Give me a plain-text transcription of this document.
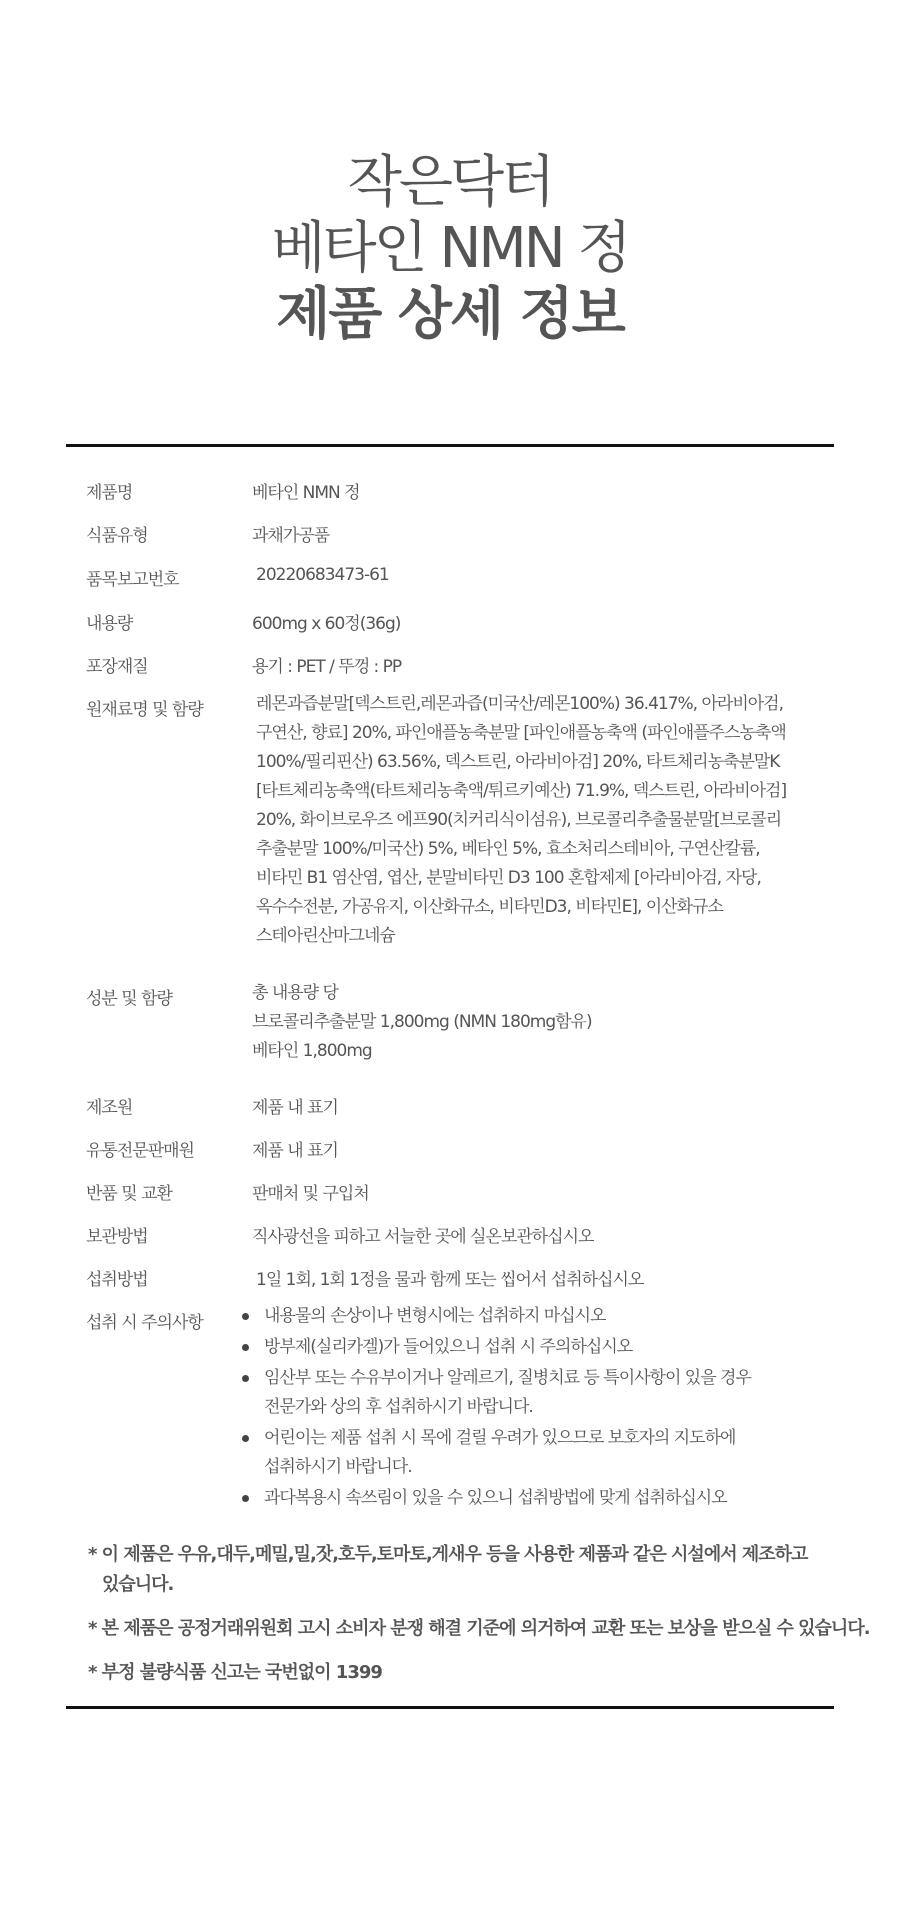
작은닥터
베타인 NMN 정
제품 상세 정보
제품명	베타인 NMN 정
식품유형	과채가공품
품목보고번호	20220683473-61
내용량	600mg x 60정(36g)
포장재질	용기 : PET / 뚜껑 : PP
원재료명 및 함량	레몬과즙분말[덱스트린,레몬과즙(미국산/레몬100%) 36.417%, 아라비아검,
구연산, 향료] 20%, 파인애플농축분말 [파인애플농축액 (파인애플주스농축액
100%/필리핀산) 63.56%, 덱스트린, 아라비아검] 20%, 타트체리농축분말K
[타트체리농축액(타트체리농축액/튀르키예산) 71.9%, 덱스트린, 아라비아검]
20%, 화이브로우즈 에프90(치커리식이섬유), 브로콜리추출물분말[브로콜리
추출분말 100%/미국산) 5%, 베타인 5%, 효소처리스테비아, 구연산칼륨,
비타민 B1 염산염, 엽산, 분말비타민 D3 100 혼합제제 [아라비아검, 자당,
옥수수전분, 가공유지, 이산화규소, 비타민D3, 비타민E], 이산화규소
스테아린산마그네슘
성분 및 함량	총 내용량 당
브로콜리추출분말 1,800mg (NMN 180mg함유)
베타인 1,800mg
제조원	제품 내 표기
유통전문판매원	제품 내 표기
반품 및 교환	판매처 및 구입처
보관방법	직사광선을 피하고 서늘한 곳에 실온보관하십시오
섭취방법	1일 1회, 1회 1정을 물과 함께 또는 씹어서 섭취하십시오
섭취 시 주의사항	내용물의 손상이나 변형시에는 섭취하지 마십시오
방부제(실리카겔)가 들어있으니 섭취 시 주의하십시오
임산부 또는 수유부이거나 알레르기, 질병치료 등 특이사항이 있을 경우
전문가와 상의 후 섭취하시기 바랍니다.
어린이는 제품 섭취 시 목에 걸릴 우려가 있으므로 보호자의 지도하에
섭취하시기 바랍니다.
과다복용시 속쓰림이 있을 수 있으니 섭취방법에 맞게 섭취하십시오
* 이 제품은 우유,대두,메밀,밀,잣,호두,토마토,게새우 등을 사용한 제품과 같은 시설에서 제조하고
있습니다.
* 본 제품은 공정거래위원회 고시 소비자 분쟁 해결 기준에 의거하여 교환 또는 보상을 받으실 수 있습니다.
* 부정 불량식품 신고는 국번없이 1399
